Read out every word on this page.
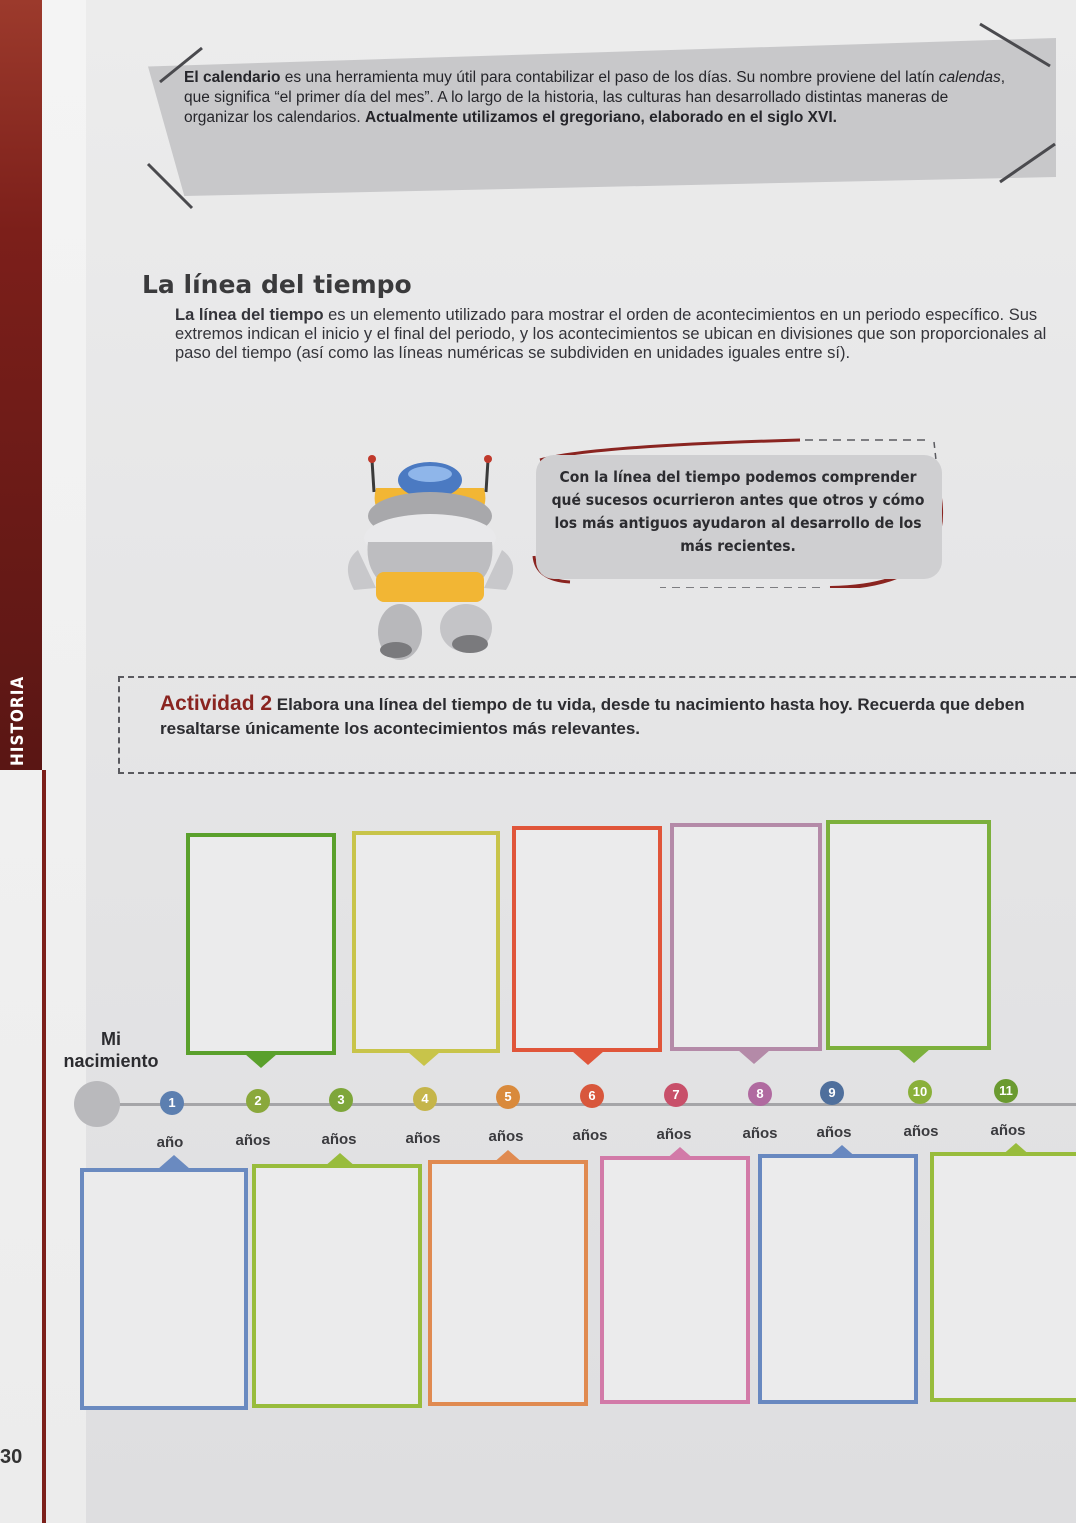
30
El calendario es una herramienta muy útil para contabilizar el paso de los días. Su nombre proviene del latín calendas, que significa “el primer día del mes”. A lo largo de la historia, las culturas han desarrollado distintas maneras de organizar los calendarios. Actualmente utilizamos el gregoriano, elaborado en el siglo XVI.
La línea del tiempo
La línea del tiempo es un elemento utilizado para mostrar el orden de acontecimientos en un periodo específico. Sus extremos indican el inicio y el final del periodo, y los acontecimientos se ubican en divisiones que son proporcionales al paso del tiempo (así como las líneas numéricas se subdividen en unidades iguales entre sí).
Con la línea del tiempo podemos comprender
qué sucesos ocurrieron antes que otros y cómo
los más antiguos ayudaron al desarrollo de los
más recientes.
Actividad 2 Elabora una línea del tiempo de tu vida, desde tu nacimiento hasta hoy. Recuerda que deben resaltarse únicamente los acontecimientos más relevantes.
Mi
nacimiento
1	2	3	4	5	6	7	8	9	10	11
año	años	años	años	años	años	años	años	años	años	años
